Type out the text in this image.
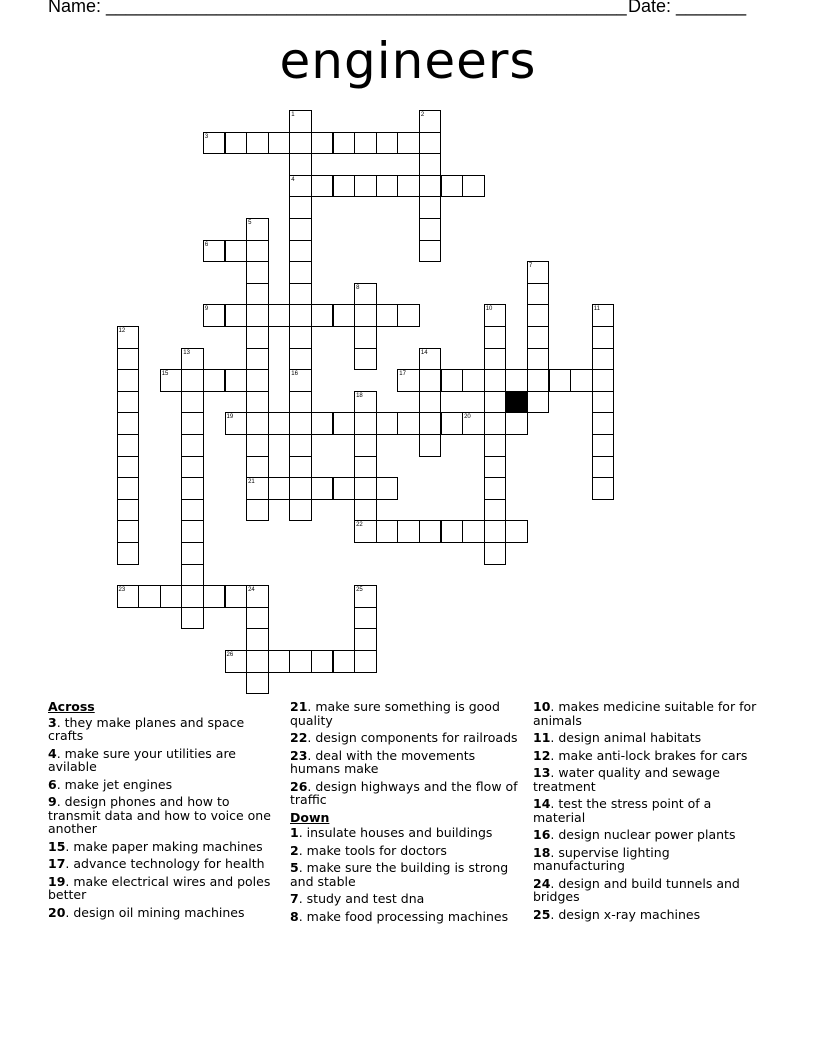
Name: ____________________________________________________ Date: _______
engineers
3
4
6
9
15	17
19	20
21
22
23	24
26
1
16
2
5
7
8
10	11
12
13	14
18
25
Across
3. they make planes and space crafts
4. make sure your utilities are avilable
6. make jet engines
9. design phones and how to transmit data and how to voice one another
15. make paper making machines
17. advance technology for health
19. make electrical wires and poles better
20. design oil mining machines
21. make sure something is good quality
22. design components for railroads
23. deal with the movements humans make
26. design highways and the flow of traffic
Down
1. insulate houses and buildings
2. make tools for doctors
5. make sure the building is strong and stable
7. study and test dna
8. make food processing machines
10. makes medicine suitable for for animals
11. design animal habitats
12. make anti-lock brakes for cars
13. water quality and sewage treatment
14. test the stress point of a material
16. design nuclear power plants
18. supervise lighting manufacturing
24. design and build tunnels and bridges
25. design x-ray machines
